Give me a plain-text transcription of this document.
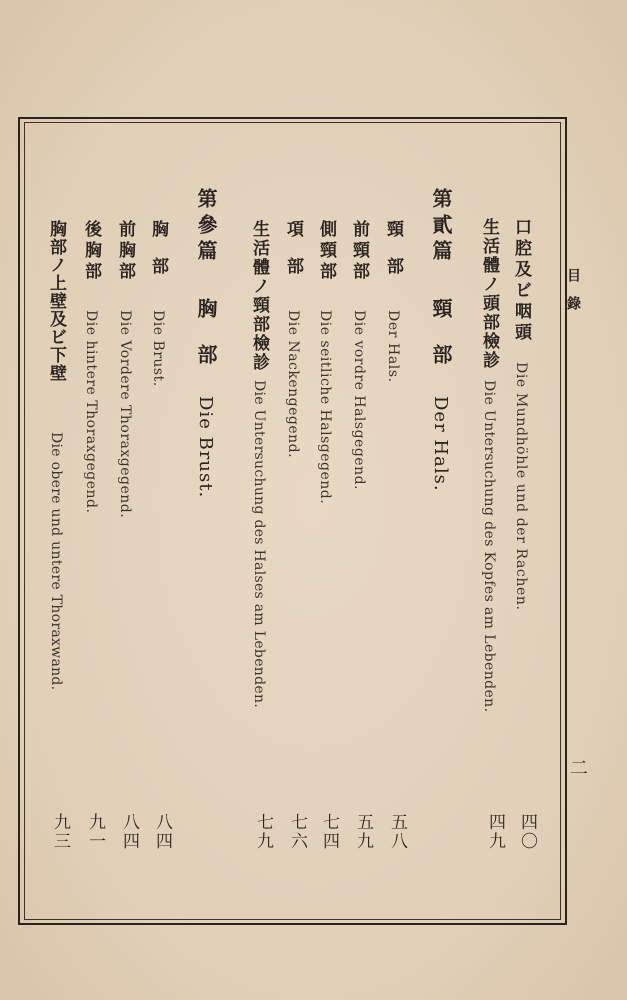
目錄
二
口腔及ビ咽頭
Die Mundhöhle und der Rachen.
四〇
生活體ノ頭部檢診
Die Untersuchung des Kopfes am Lebenden.
四九
第貳篇
頸部
Der Hals.
頸部
Der Hals.
五八
前頸部
Die vordre Halsgegend.
五九
側頸部
Die seitliche Halsgegend.
七四
項部
Die Nackengegend.
七六
生活體ノ頸部檢診
Die Untersuchung des Halses am Lebenden.
七九
第參篇
胸部
Die Brust.
胸部
Die Brust.
八四
前胸部
Die Vordere Thoraxgegend.
八四
後胸部
Die hintere Thoraxgegend.
九一
胸部ノ上壁及ビ下壁
Die obere und untere Thoraxwand.
九三
